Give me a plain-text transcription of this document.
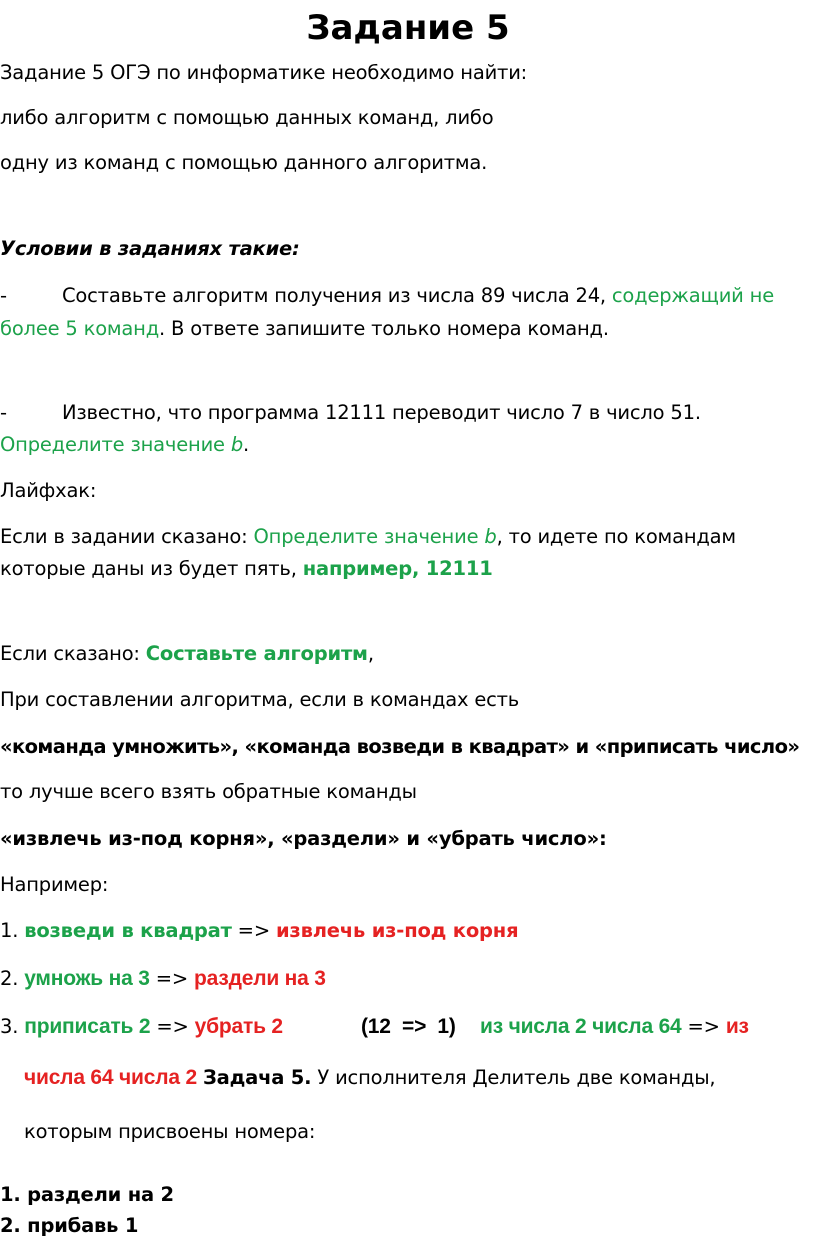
Задание 5
Задание 5 ОГЭ по информатике необходимо найти:
либо алгоритм с помощью данных команд, либо
одну из команд с помощью данного алгоритма.
Условии в заданиях такие:
-	Составьте алгоритм получения из числа 89 числа 24, содержащий не
более 5 команд. В ответе запишите только номера команд.
-	Известно, что программа 12111 переводит число 7 в число 51.
Определите значение b.
Лайфхак:
Если в задании сказано: Определите значение b, то идете по командам
которые даны из будет пять, например, 12111
Если сказано: Составьте алгоритм,
При составлении алгоритма, если в командах есть
«команда умножить», «команда возведи в квадрат» и «приписать число»
то лучше всего взять обратные команды
«извлечь из-под корня», «раздели» и «убрать число»:
Например:
1. возведи в квадрат => извлечь из-под корня
2. умножь на 3 => раздели на 3
3. приписать 2 => убрать 2	(12  =>  1) из числа 2 числа 64 => из
числа 64 числа 2 Задача 5. У исполнителя Делитель две команды,
которым присвоены номера:
1. раздели на 2
2. прибавь 1
